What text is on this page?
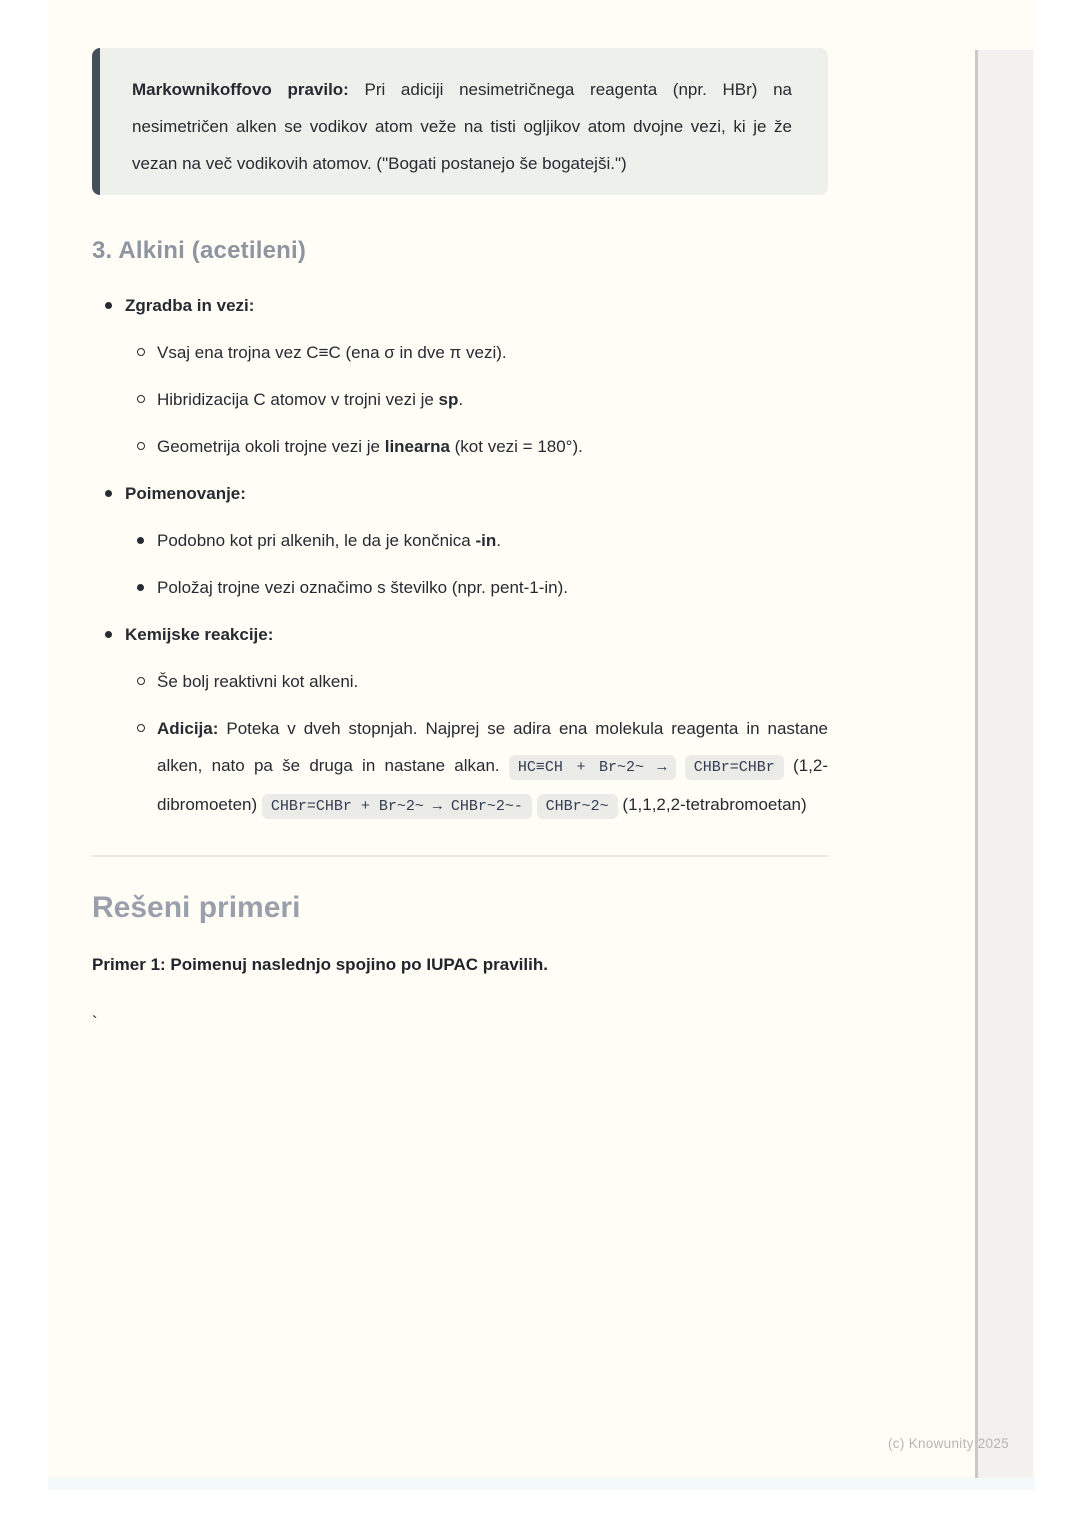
Markownikoffovo pravilo: Pri adiciji nesimetričnega reagenta (npr. HBr) na nesimetričen alken se vodikov atom veže na tisti ogljikov atom dvojne vezi, ki je že vezan na več vodikovih atomov. ("Bogati postanejo še bogatejši.")

3. Alkini (acetileni)
Zgradba in vezi:
Vsaj ena trojna vez C≡C (ena σ in dve π vezi).
Hibridizacija C atomov v trojni vezi je sp.
Geometrija okoli trojne vezi je linearna (kot vezi = 180°).
Poimenovanje:
Podobno kot pri alkenih, le da je končnica -in.
Položaj trojne vezi označimo s številko (npr. pent-1-in).
Kemijske reakcije:
Še bolj reaktivni kot alkeni.
Adicija: Poteka v dveh stopnjah. Najprej se adira ena molekula reagenta in nastane alken, nato pa še druga in nastane alkan. HC≡CH + Br~2~ → CHBr=CHBr (1,2-dibromoeten) CHBr=CHBr + Br~2~ → CHBr~2~- CHBr~2~ (1,1,2,2-tetrabromoetan)
Rešeni primeri

Primer 1: Poimenuj naslednjo spojino po IUPAC pravilih.

`
(c) Knowunity 2025
